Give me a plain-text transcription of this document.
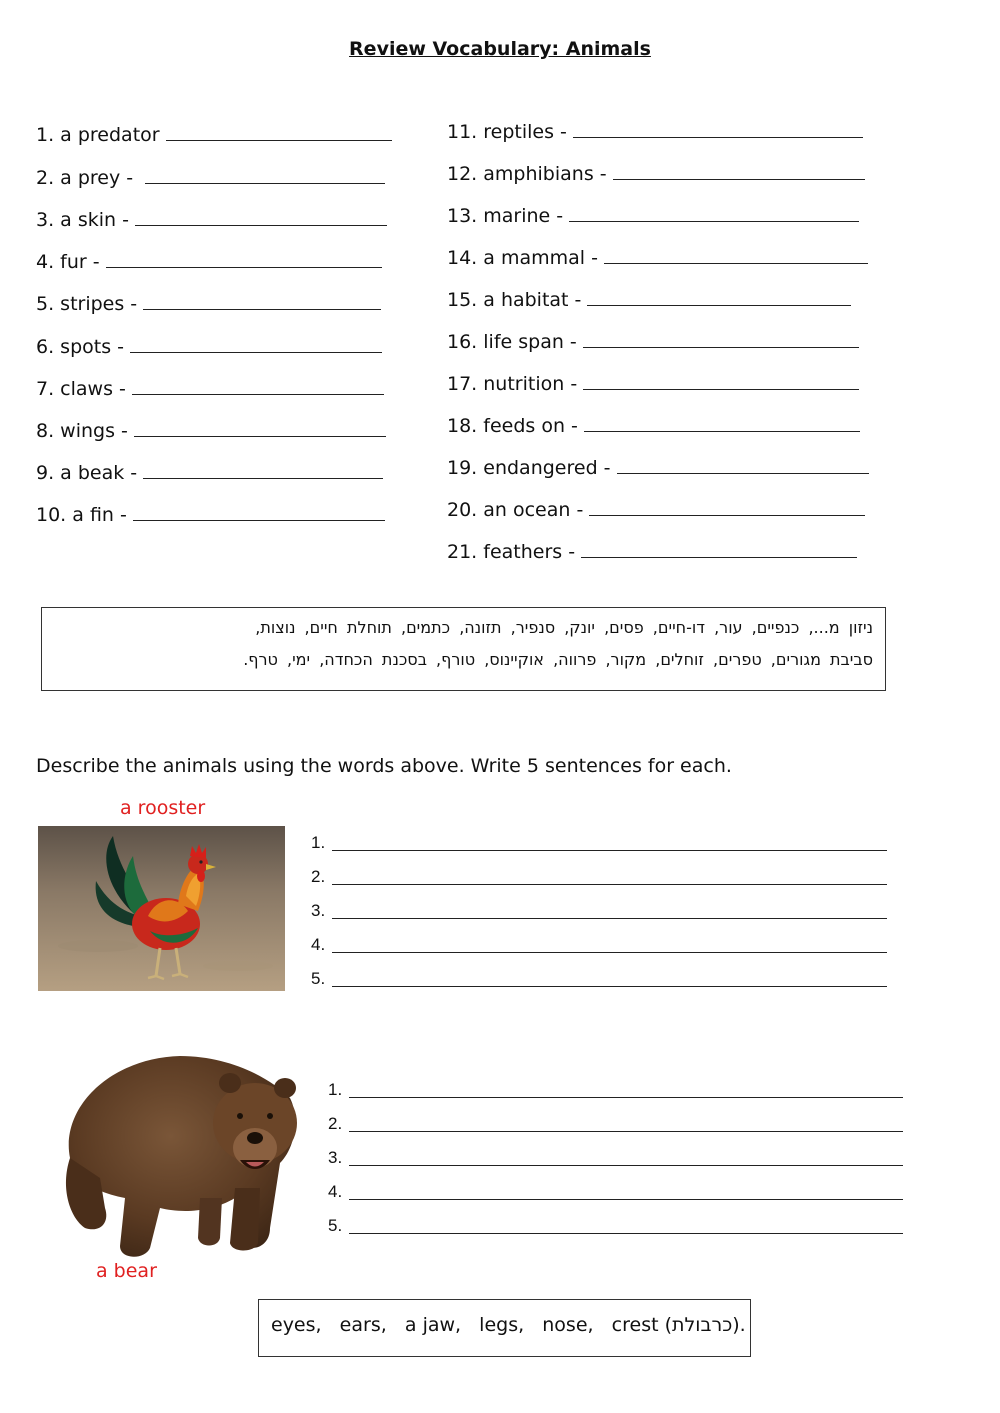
Review Vocabulary: Animals
1. a predator
2. a prey -
3. a skin -
4. fur -
5. stripes -
6. spots -
7. claws -
8. wings -
9. a beak -
10. a fin -
11. reptiles -
12. amphibians -
13. marine -
14. a mammal -
15. a habitat -
16. life span -
17. nutrition -
18. feeds on -
19. endangered -
20. an ocean -
21. feathers -
ניזון מ..., כנפיים, עור, דו-חיים, פסים, יונק, סנפיר, תזונה, כתמים, תוחלת חיים, נוצות,
סביבת מגורים, טפרים, זוחלים, מקור, פרווה, אוקיינוס, טורף, בסכנת הכחדה, ימי, טרף.
Describe the animals using the words above. Write 5 sentences for each.
a rooster
1.
2.
3.
4.
5.
a bear
1.
2.
3.
4.
5.
eyes,   ears,   a jaw,   legs,   nose,   crest (כרבולת).
